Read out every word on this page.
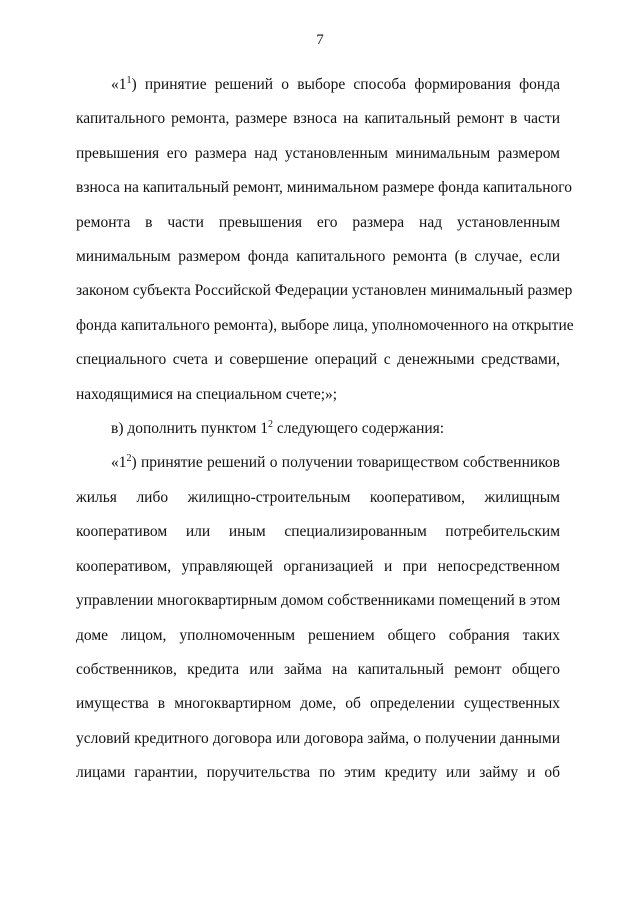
7
«$1^1$) принятие решений о выборе способа формирования фонда
капитального ремонта, размере взноса на капитальный ремонт в части
превышения его размера над установленным минимальным размером
взноса на капитальный ремонт, минимальном размере фонда капитального
ремонта в части превышения его размера над установленным
минимальным размером фонда капитального ремонта (в случае, если
законом субъекта Российской Федерации установлен минимальный размер
фонда капитального ремонта), выборе лица, уполномоченного на открытие
специального счета и совершение операций с денежными средствами,
находящимися на специальном счете;»;
в) дополнить пунктом $1^2$ следующего содержания:
«$1^2$) принятие решений о получении товариществом собственников
жилья либо жилищно-строительным кооперативом, жилищным
кооперативом или иным специализированным потребительским
кооперативом, управляющей организацией и при непосредственном
управлении многоквартирным домом собственниками помещений в этом
доме лицом, уполномоченным решением общего собрания таких
собственников, кредита или займа на капитальный ремонт общего
имущества в многоквартирном доме, об определении существенных
условий кредитного договора или договора займа, о получении данными
лицами гарантии, поручительства по этим кредиту или займу и об
